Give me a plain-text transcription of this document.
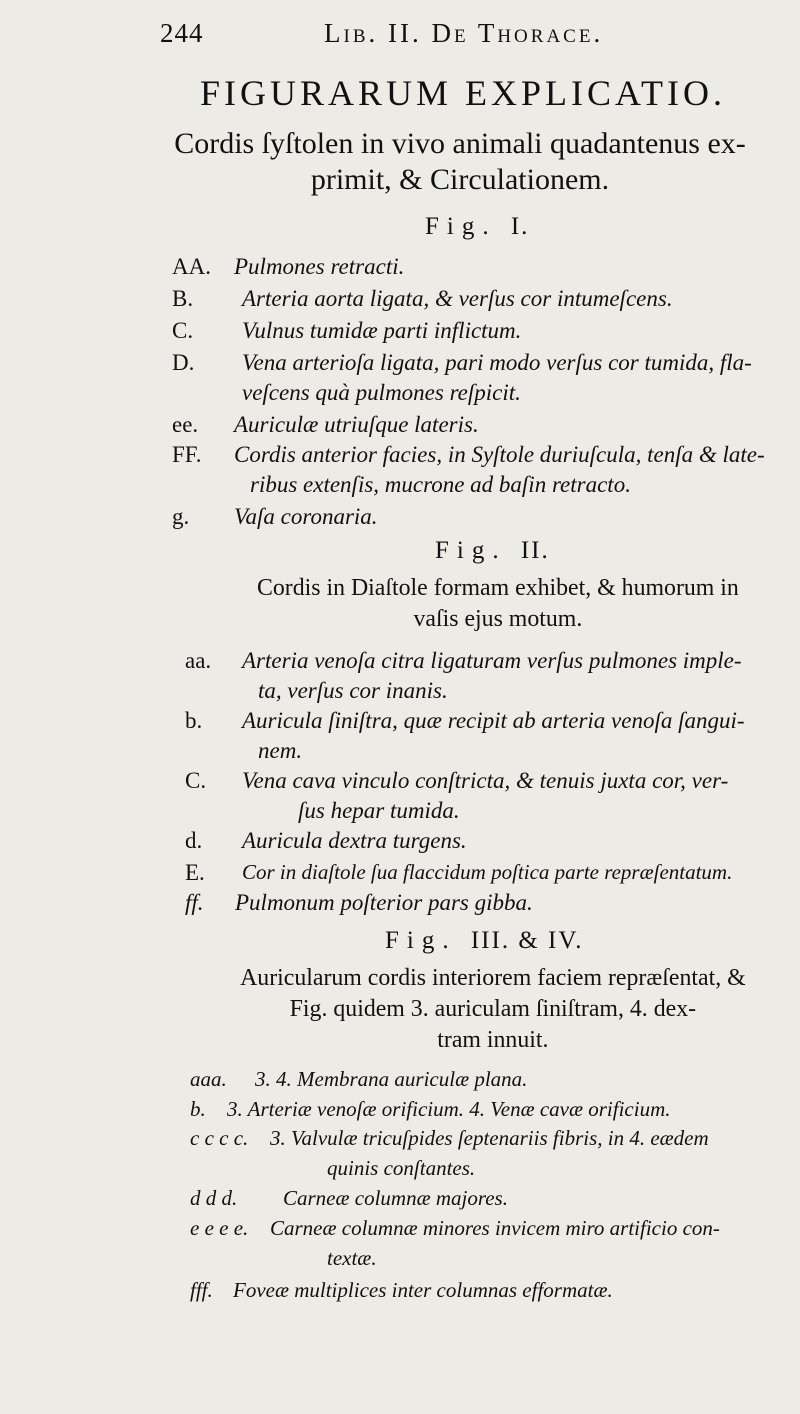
244	Lib. II. De Thorace.
FIGURARUM EXPLICATIO.
Cordis ſyſtolen in vivo animali quadantenus ex-
primit, & Circulationem.
Fig. I.
AA. Pulmones retracti.
B. Arteria aorta ligata, & verſus cor intumeſcens.
C. Vulnus tumidæ parti inflictum.
D. Vena arterioſa ligata, pari modo verſus cor tumida, fla-
veſcens quà pulmones reſpicit.
ee. Auriculæ utriuſque lateris.
FF. Cordis anterior facies, in Syſtole duriuſcula, tenſa & late-
ribus extenſis, mucrone ad baſin retracto.
g. Vaſa coronaria.
Fig. II.
Cordis in Diaſtole formam exhibet, & humorum in
vaſis ejus motum.
aa. Arteria venoſa citra ligaturam verſus pulmones imple-
ta, verſus cor inanis.
b. Auricula ſiniſtra, quæ recipit ab arteria venoſa ſangui-
nem.
C. Vena cava vinculo conſtricta, & tenuis juxta cor, ver-
ſus hepar tumida.
d. Auricula dextra turgens.
E. Cor in diaſtole ſua flaccidum poſtica parte repræſentatum.
ff. Pulmonum poſterior pars gibba.
Fig. III. & IV.
Auricularum cordis interiorem faciem repræſentat, &
Fig. quidem 3. auriculam ſiniſtram, 4. dex-
tram innuit.
aaa. 3. 4. Membrana auriculæ plana.
b. 3. Arteriæ venoſæ orificium. 4. Venæ cavæ orificium.
c c c c. 3. Valvulæ tricuſpides ſeptenariis fibris, in 4. eædem
quinis conſtantes.
d d d. Carneæ columnæ majores.
e e e e. Carneæ columnæ minores invicem miro artificio con-
textæ.
fff. Foveæ multiplices inter columnas efformatæ.
